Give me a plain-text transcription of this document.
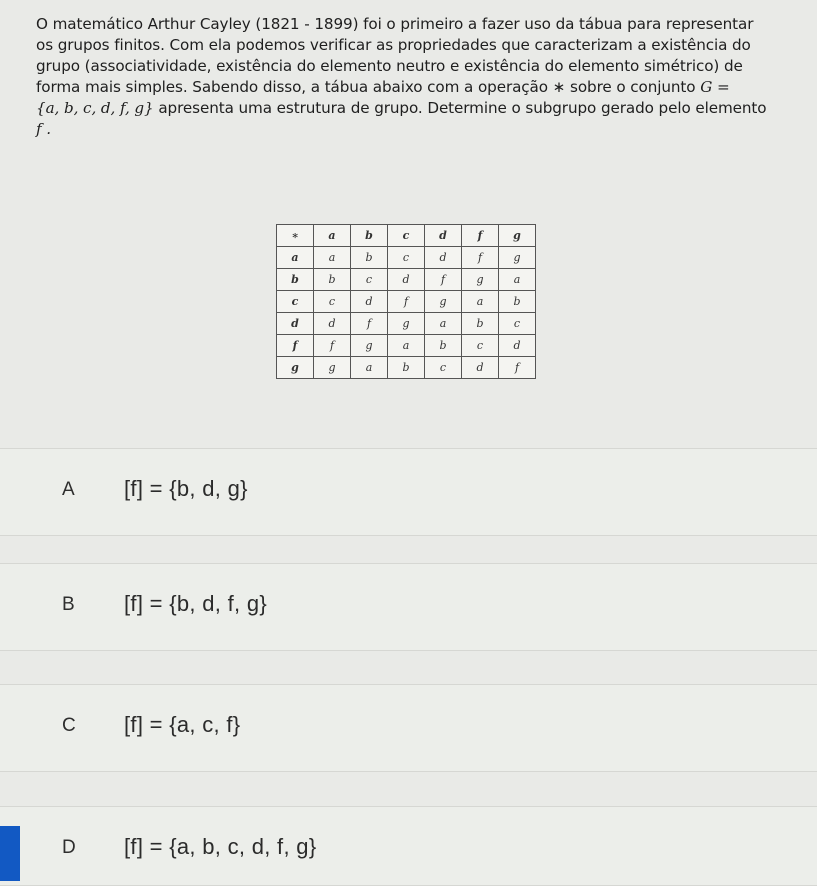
O matemático Arthur Cayley (1821 - 1899) foi o primeiro a fazer uso da tábua para representar
os grupos finitos. Com ela podemos verificar as propriedades que caracterizam a existência do
grupo (associatividade, existência do elemento neutro e existência do elemento simétrico) de
forma mais simples. Sabendo disso, a tábua abaixo com a operação ∗ sobre o conjunto G =
{a, b, c, d, f, g} apresenta uma estrutura de grupo. Determine o subgrupo gerado pelo elemento
f .
∗	a	b	c	d	f	g
a	a	b	c	d	f	g
b	b	c	d	f	g	a
c	c	d	f	g	a	b
d	d	f	g	a	b	c
f	f	g	a	b	c	d
g	g	a	b	c	d	f
A [f] = {b, d, g}
B [f] = {b, d, f, g}
C [f] = {a, c, f}
D [f] = {a, b, c, d, f, g}
